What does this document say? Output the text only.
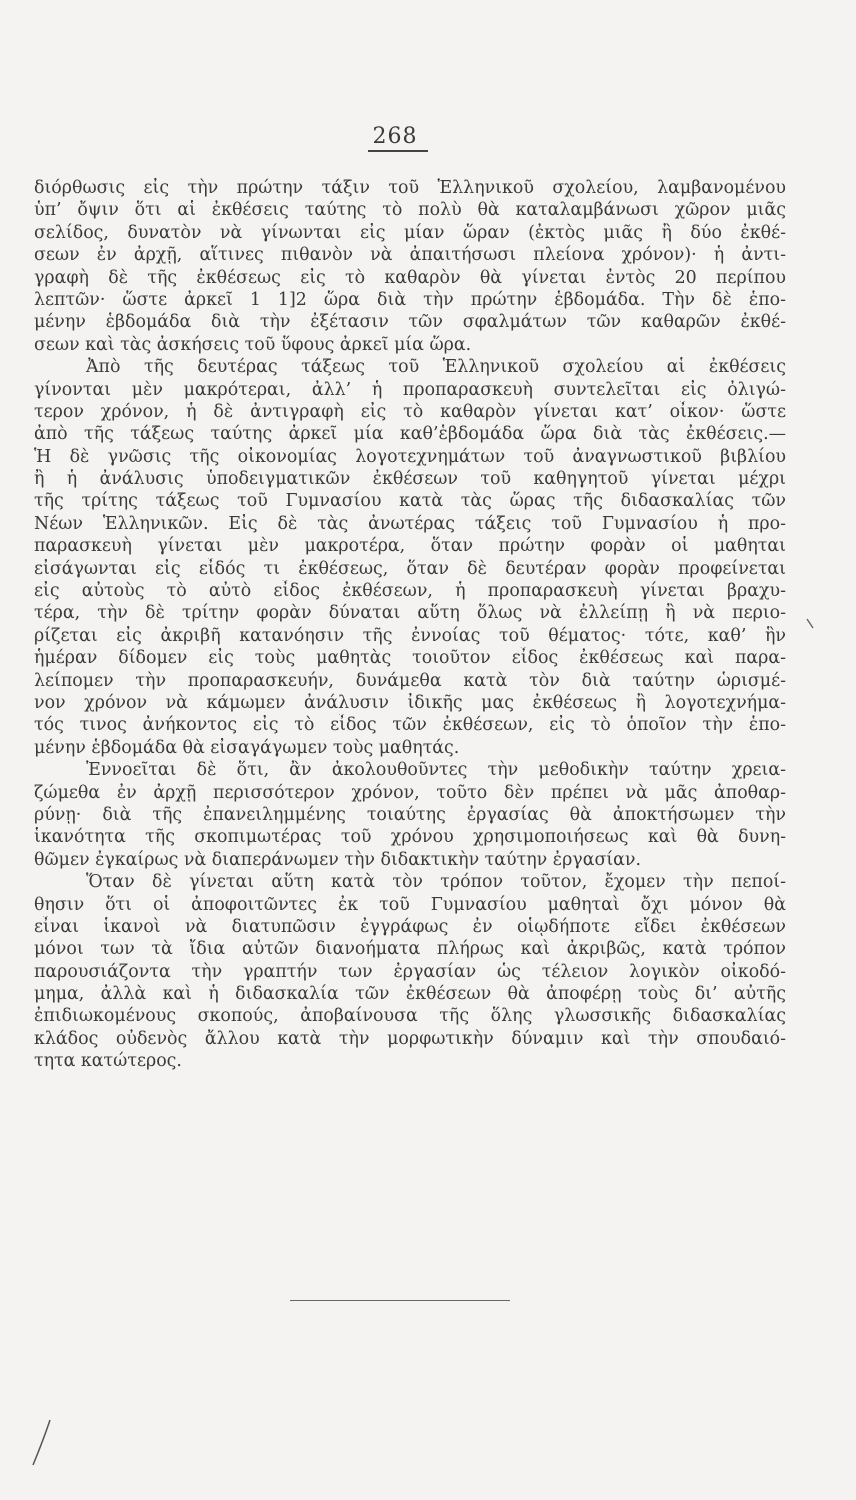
268
διόρθωσις εἰς τὴν πρώτην τάξιν τοῦ Ἑλληνικοῦ σχολείου, λαμβανομένου
ὑπ’ ὄψιν ὅτι αἱ ἐκθέσεις ταύτης τὸ πολὺ θὰ καταλαμβάνωσι χῶρον μιᾶς
σελίδος, δυνατὸν νὰ γίνωνται εἰς μίαν ὥραν (ἐκτὸς μιᾶς ἢ δύο ἐκθέ-
σεων ἐν ἀρχῇ, αἵτινες πιθανὸν νὰ ἀπαιτήσωσι πλείονα χρόνον)· ἡ ἀντι-
γραφὴ δὲ τῆς ἐκθέσεως εἰς τὸ καθαρὸν θὰ γίνεται ἐντὸς 20 περίπου
λεπτῶν· ὥστε ἀρκεῖ 1 1]2 ὥρα διὰ τὴν πρώτην ἑβδομάδα. Τὴν δὲ ἑπο-
μένην ἑβδομάδα διὰ τὴν ἐξέτασιν τῶν σφαλμάτων τῶν καθαρῶν ἐκθέ-
σεων καὶ τὰς ἀσκήσεις τοῦ ὕφους ἀρκεῖ μία ὥρα.
Ἀπὸ τῆς δευτέρας τάξεως τοῦ Ἑλληνικοῦ σχολείου αἱ ἐκθέσεις
γίνονται μὲν μακρότεραι, ἀλλ’ ἡ προπαρασκευὴ συντελεῖται εἰς ὀλιγώ-
τερον χρόνον, ἡ δὲ ἀντιγραφὴ εἰς τὸ καθαρὸν γίνεται κατ’ οἶκον· ὥστε
ἀπὸ τῆς τάξεως ταύτης ἀρκεῖ μία καθ’ἑβδομάδα ὥρα διὰ τὰς ἐκθέσεις.—
Ἡ δὲ γνῶσις τῆς οἰκονομίας λογοτεχνημάτων τοῦ ἀναγνωστικοῦ βιβλίου
ἢ ἡ ἀνάλυσις ὑποδειγματικῶν ἐκθέσεων τοῦ καθηγητοῦ γίνεται μέχρι
τῆς τρίτης τάξεως τοῦ Γυμνασίου κατὰ τὰς ὥρας τῆς διδασκαλίας τῶν
Νέων Ἑλληνικῶν. Εἰς δὲ τὰς ἀνωτέρας τάξεις τοῦ Γυμνασίου ἡ προ-
παρασκευὴ γίνεται μὲν μακροτέρα, ὅταν πρώτην φορὰν οἱ μαθηται
εἰσάγωνται εἰς εἶδός τι ἐκθέσεως, ὅταν δὲ δευτέραν φορὰν προφείνεται
εἰς αὐτοὺς τὸ αὐτὸ εἶδος ἐκθέσεων, ἡ προπαρασκευὴ γίνεται βραχυ-
τέρα, τὴν δὲ τρίτην φορὰν δύναται αὕτη ὅλως νὰ ἐλλείπῃ ἢ νὰ περιο-
ρίζεται εἰς ἀκριβῆ κατανόησιν τῆς ἐννοίας τοῦ θέματος· τότε, καθ’ ἣν
ἡμέραν δίδομεν εἰς τοὺς μαθητὰς τοιοῦτον εἶδος ἐκθέσεως καὶ παρα-
λείπομεν τὴν προπαρασκευήν, δυνάμεθα κατὰ τὸν διὰ ταύτην ὡρισμέ-
νον χρόνον νὰ κάμωμεν ἀνάλυσιν ἰδικῆς μας ἐκθέσεως ἢ λογοτεχνήμα-
τός τινος ἀνήκοντος εἰς τὸ εἶδος τῶν ἐκθέσεων, εἰς τὸ ὁποῖον τὴν ἑπο-
μένην ἑβδομάδα θὰ εἰσαγάγωμεν τοὺς μαθητάς.
Ἐννοεῖται δὲ ὅτι, ἂν ἀκολουθοῦντες τὴν μεθοδικὴν ταύτην χρεια-
ζώμεθα ἐν ἀρχῇ περισσότερον χρόνον, τοῦτο δὲν πρέπει νὰ μᾶς ἀποθαρ-
ρύνῃ· διὰ τῆς ἐπανειλημμένης τοιαύτης ἐργασίας θὰ ἀποκτήσωμεν τὴν
ἱκανότητα τῆς σκοπιμωτέρας τοῦ χρόνου χρησιμοποιήσεως καὶ θὰ δυνη-
θῶμεν ἐγκαίρως νὰ διαπεράνωμεν τὴν διδακτικὴν ταύτην ἐργασίαν.
Ὅταν δὲ γίνεται αὕτη κατὰ τὸν τρόπον τοῦτον, ἔχομεν τὴν πεποί-
θησιν ὅτι οἱ ἀποφοιτῶντες ἐκ τοῦ Γυμνασίου μαθηταὶ ὄχι μόνον θὰ
εἶναι ἱκανοὶ νὰ διατυπῶσιν ἐγγράφως ἐν οἱῳδήποτε εἴδει ἐκθέσεων
μόνοι των τὰ ἴδια αὐτῶν διανοήματα πλήρως καὶ ἀκριβῶς, κατὰ τρόπον
παρουσιάζοντα τὴν γραπτήν των ἐργασίαν ὡς τέλειον λογικὸν οἰκοδό-
μημα, ἀλλὰ καὶ ἡ διδασκαλία τῶν ἐκθέσεων θὰ ἀποφέρῃ τοὺς δι’ αὐτῆς
ἐπιδιωκομένους σκοπούς, ἀποβαίνουσα τῆς ὅλης γλωσσικῆς διδασκαλίας
κλάδος οὐδενὸς ἄλλου κατὰ τὴν μορφωτικὴν δύναμιν καὶ τὴν σπουδαιό-
τητα κατώτερος.
